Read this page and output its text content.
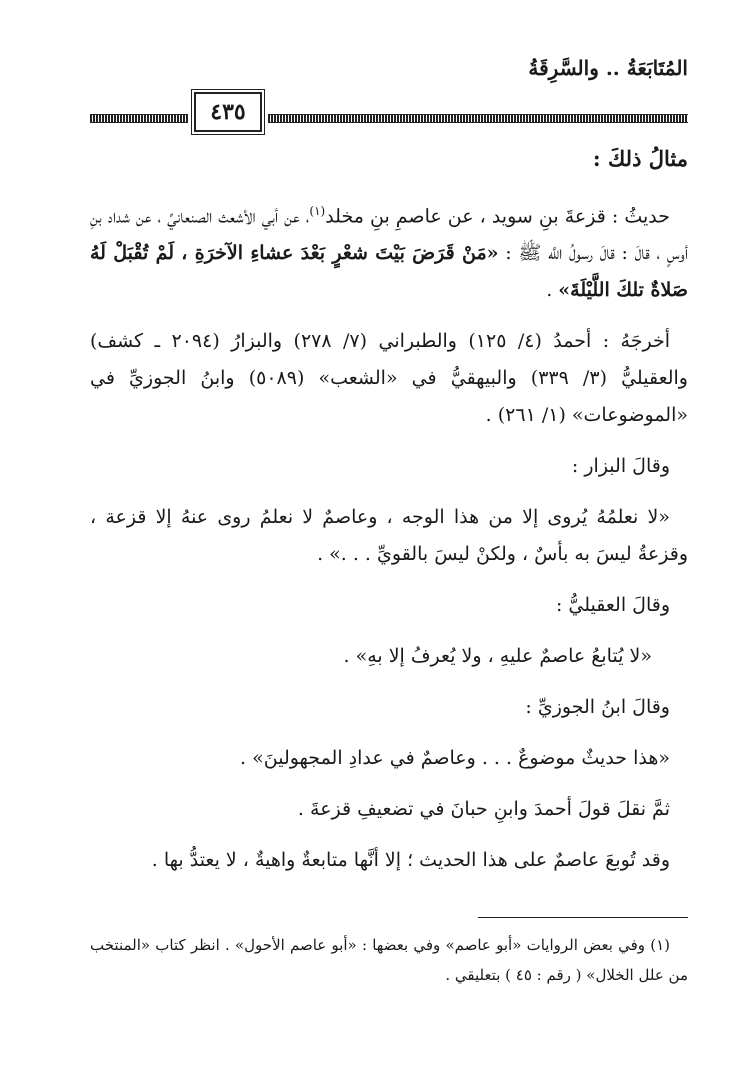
المُتَابَعَةُ .. والسَّرِقَةُ
٤٣٥
مثالُ ذلكَ :

حديثُ : قزعةَ بنِ سويد ، عن عاصمِ بنِ مخلد$^{(١)}$، عن أبي الأشعث الصنعانيِّ ، عن شداد بنِ أوسٍ ، قالَ : قالَ رسولُ اللَّه ﷺ : «مَنْ قَرَضَ بَيْتَ شعْرٍ بَعْدَ عشاءِ الآخرَةِ ، لَمْ تُقْبَلْ لَهُ صَلاةٌ تلكَ اللَّيْلَةَ» .

أخرجَهُ : أحمدُ (٤/ ١٢٥) والطبراني (٧/ ٢٧٨) والبزارُ (٢٠٩٤ ـ كشف) والعقيليُّ (٣/ ٣٣٩) والبيهقيُّ في «الشعب» (٥٠٨٩) وابنُ الجوزيِّ في «الموضوعات» (١/ ٢٦١) .

وقالَ البزار :

«لا نعلمُهُ يُروى إلا من هذا الوجه ، وعاصمٌ لا نعلمُ روى عنهُ إلا قزعة ، وقزعةُ ليسَ به بأسٌ ، ولكنْ ليسَ بالقويِّ . . .» .

وقالَ العقيليُّ :

«لا يُتابعُ عاصمٌ عليهِ ، ولا يُعرفُ إلا بهِ» .

وقالَ ابنُ الجوزيِّ :

«هذا حديثٌ موضوعٌ . . . وعاصمٌ في عدادِ المجهولينَ» .

ثمَّ نقلَ قولَ أحمدَ وابنِ حبانَ في تضعيفِ قزعةَ .

وقد تُوبعَ عاصمٌ على هذا الحديث ؛ إلا أنَّها متابعةٌ واهيةٌ ، لا يعتدُّ بها .

(١) وفي بعض الروايات «أبو عاصم» وفي بعضها : «أبو عاصم الأحول» . انظر كتاب «المنتخب من علل الخلال» ( رقم : ٤٥ ) بتعليقي .
